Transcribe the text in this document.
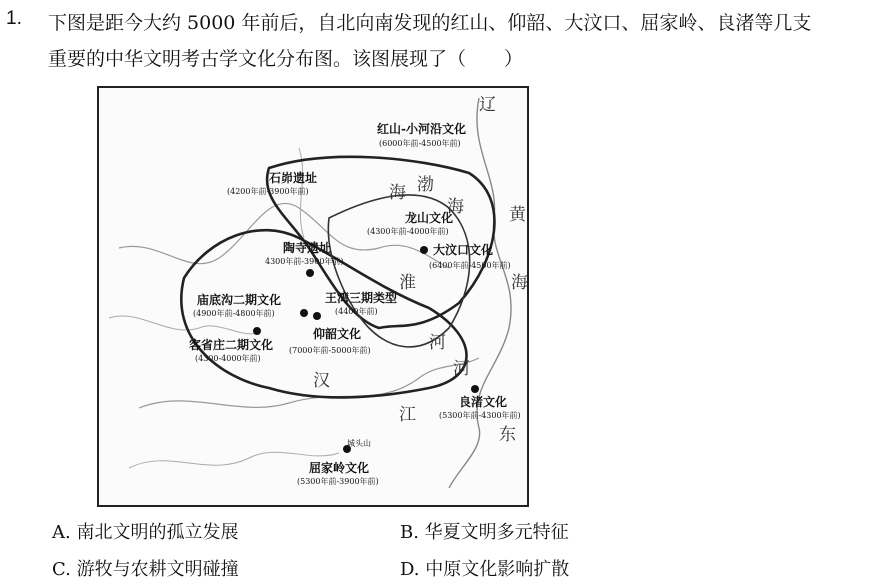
1. 下图是距今大约 5000 年前后，自北向南发现的红山、仰韶、大汶口、屈家岭、良渚等几支
重要的中华文明考古学文化分布图。该图展现了（　　）
红山-小河沿文化
(6000年前-4500年前)
石峁遗址
(4200年前-3900年前)
龙山文化
(4300年前-4000年前)
陶寺遗址
4300年前-3900年前)
大汶口文化
(6400年前-4500年前)
庙底沟二期文化
(4900年前-4800年前)
王湾三期类型
(4400年前)
仰韶文化
(7000年前-5000年前)
客省庄二期文化
(4300-4000年前)
良渚文化
(5300年前-4300年前)
屈家岭文化
(5300年前-3900年前)
辽
渤
海	黄
海
淮
河
江
东
汉
河
城头山
海
A. 南北文明的孤立发展	B. 华夏文明多元特征
C. 游牧与农耕文明碰撞	D. 中原文化影响扩散
